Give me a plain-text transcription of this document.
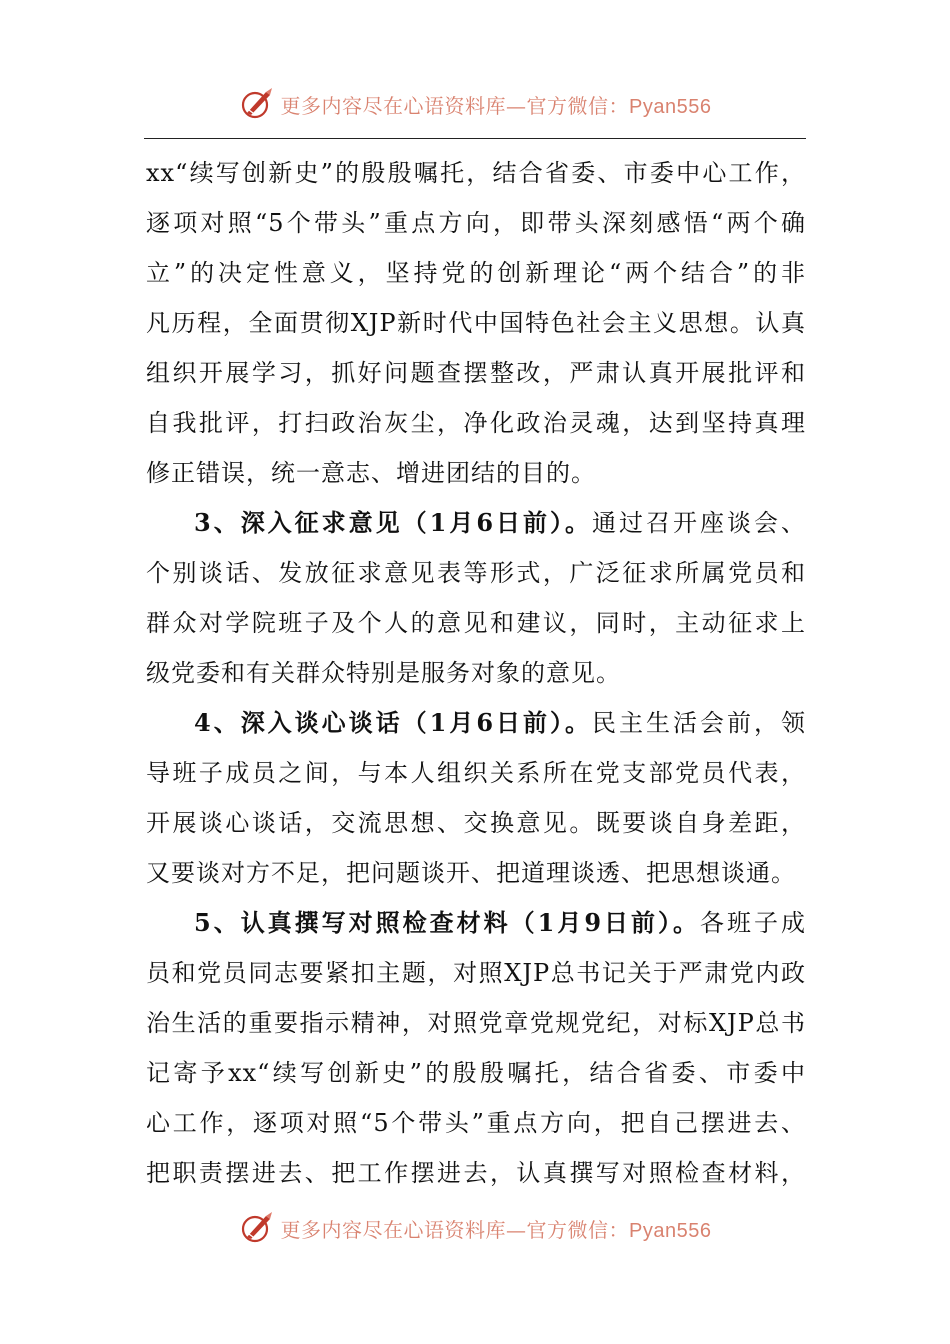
更多内容尽在心语资料库—官方微信：Pyan556
xx“续写创新史”的殷殷嘱托，结合省委、市委中心工作，
逐项对照“5个带头”重点方向，即带头深刻感悟“两个确
立”的决定性意义，坚持党的创新理论“两个结合”的非
凡历程，全面贯彻XJP新时代中国特色社会主义思想。认真
组织开展学习，抓好问题查摆整改，严肃认真开展批评和
自我批评，打扫政治灰尘，净化政治灵魂，达到坚持真理
修正错误，统一意志、增进团结的目的。
3、深入征求意见（1月6日前）。通过召开座谈会、
个别谈话、发放征求意见表等形式，广泛征求所属党员和
群众对学院班子及个人的意见和建议，同时，主动征求上
级党委和有关群众特别是服务对象的意见。
4、深入谈心谈话（1月6日前）。民主生活会前，领
导班子成员之间，与本人组织关系所在党支部党员代表，
开展谈心谈话，交流思想、交换意见。既要谈自身差距，
又要谈对方不足，把问题谈开、把道理谈透、把思想谈通。
5、认真撰写对照检查材料（1月9日前）。各班子成
员和党员同志要紧扣主题，对照XJP总书记关于严肃党内政
治生活的重要指示精神，对照党章党规党纪，对标XJP总书
记寄予xx“续写创新史”的殷殷嘱托，结合省委、市委中
心工作，逐项对照“5个带头”重点方向，把自己摆进去、
把职责摆进去、把工作摆进去，认真撰写对照检查材料，
更多内容尽在心语资料库—官方微信：Pyan556
